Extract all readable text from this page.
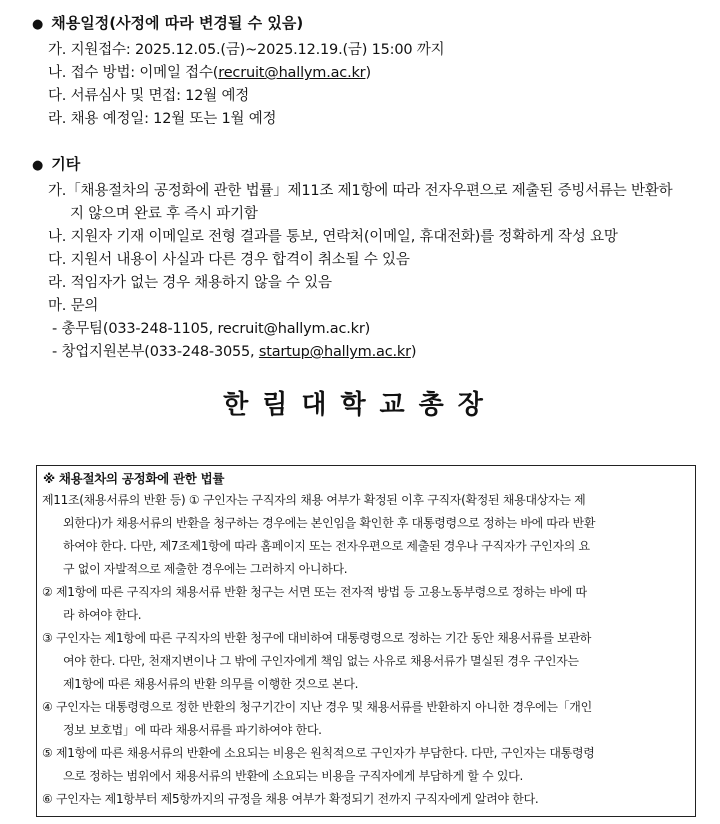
● 채용일정(사정에 따라 변경될 수 있음)
가. 지원접수: 2025.12.05.(금)~2025.12.19.(금) 15:00 까지
나. 접수 방법: 이메일 접수(recruit@hallym.ac.kr)
다. 서류심사 및 면접: 12월 예정
라. 채용 예정일: 12월 또는 1월 예정
● 기타
가.「채용절차의 공정화에 관한 법률」제11조 제1항에 따라 전자우편으로 제출된 증빙서류는 반환하
지 않으며 완료 후 즉시 파기함
나. 지원자 기재 이메일로 전형 결과를 통보, 연락처(이메일, 휴대전화)를 정확하게 작성 요망
다. 지원서 내용이 사실과 다른 경우 합격이 취소될 수 있음
라. 적임자가 없는 경우 채용하지 않을 수 있음
마. 문의
- 총무팀(033-248-1105, recruit@hallym.ac.kr)
- 창업지원본부(033-248-3055, startup@hallym.ac.kr)
한림대학교총장
※ 채용절차의 공정화에 관한 법률
제11조(채용서류의 반환 등) ① 구인자는 구직자의 채용 여부가 확정된 이후 구직자(확정된 채용대상자는 제
외한다)가 채용서류의 반환을 청구하는 경우에는 본인임을 확인한 후 대통령령으로 정하는 바에 따라 반환
하여야 한다. 다만, 제7조제1항에 따라 홈페이지 또는 전자우편으로 제출된 경우나 구직자가 구인자의 요
구 없이 자발적으로 제출한 경우에는 그러하지 아니하다.
② 제1항에 따른 구직자의 채용서류 반환 청구는 서면 또는 전자적 방법 등 고용노동부령으로 정하는 바에 따
라 하여야 한다.
③ 구인자는 제1항에 따른 구직자의 반환 청구에 대비하여 대통령령으로 정하는 기간 동안 채용서류를 보관하
여야 한다. 다만, 천재지변이나 그 밖에 구인자에게 책임 없는 사유로 채용서류가 멸실된 경우 구인자는
제1항에 따른 채용서류의 반환 의무를 이행한 것으로 본다.
④ 구인자는 대통령령으로 정한 반환의 청구기간이 지난 경우 및 채용서류를 반환하지 아니한 경우에는「개인
정보 보호법」에 따라 채용서류를 파기하여야 한다.
⑤ 제1항에 따른 채용서류의 반환에 소요되는 비용은 원칙적으로 구인자가 부담한다. 다만, 구인자는 대통령령
으로 정하는 범위에서 채용서류의 반환에 소요되는 비용을 구직자에게 부담하게 할 수 있다.
⑥ 구인자는 제1항부터 제5항까지의 규정을 채용 여부가 확정되기 전까지 구직자에게 알려야 한다.
